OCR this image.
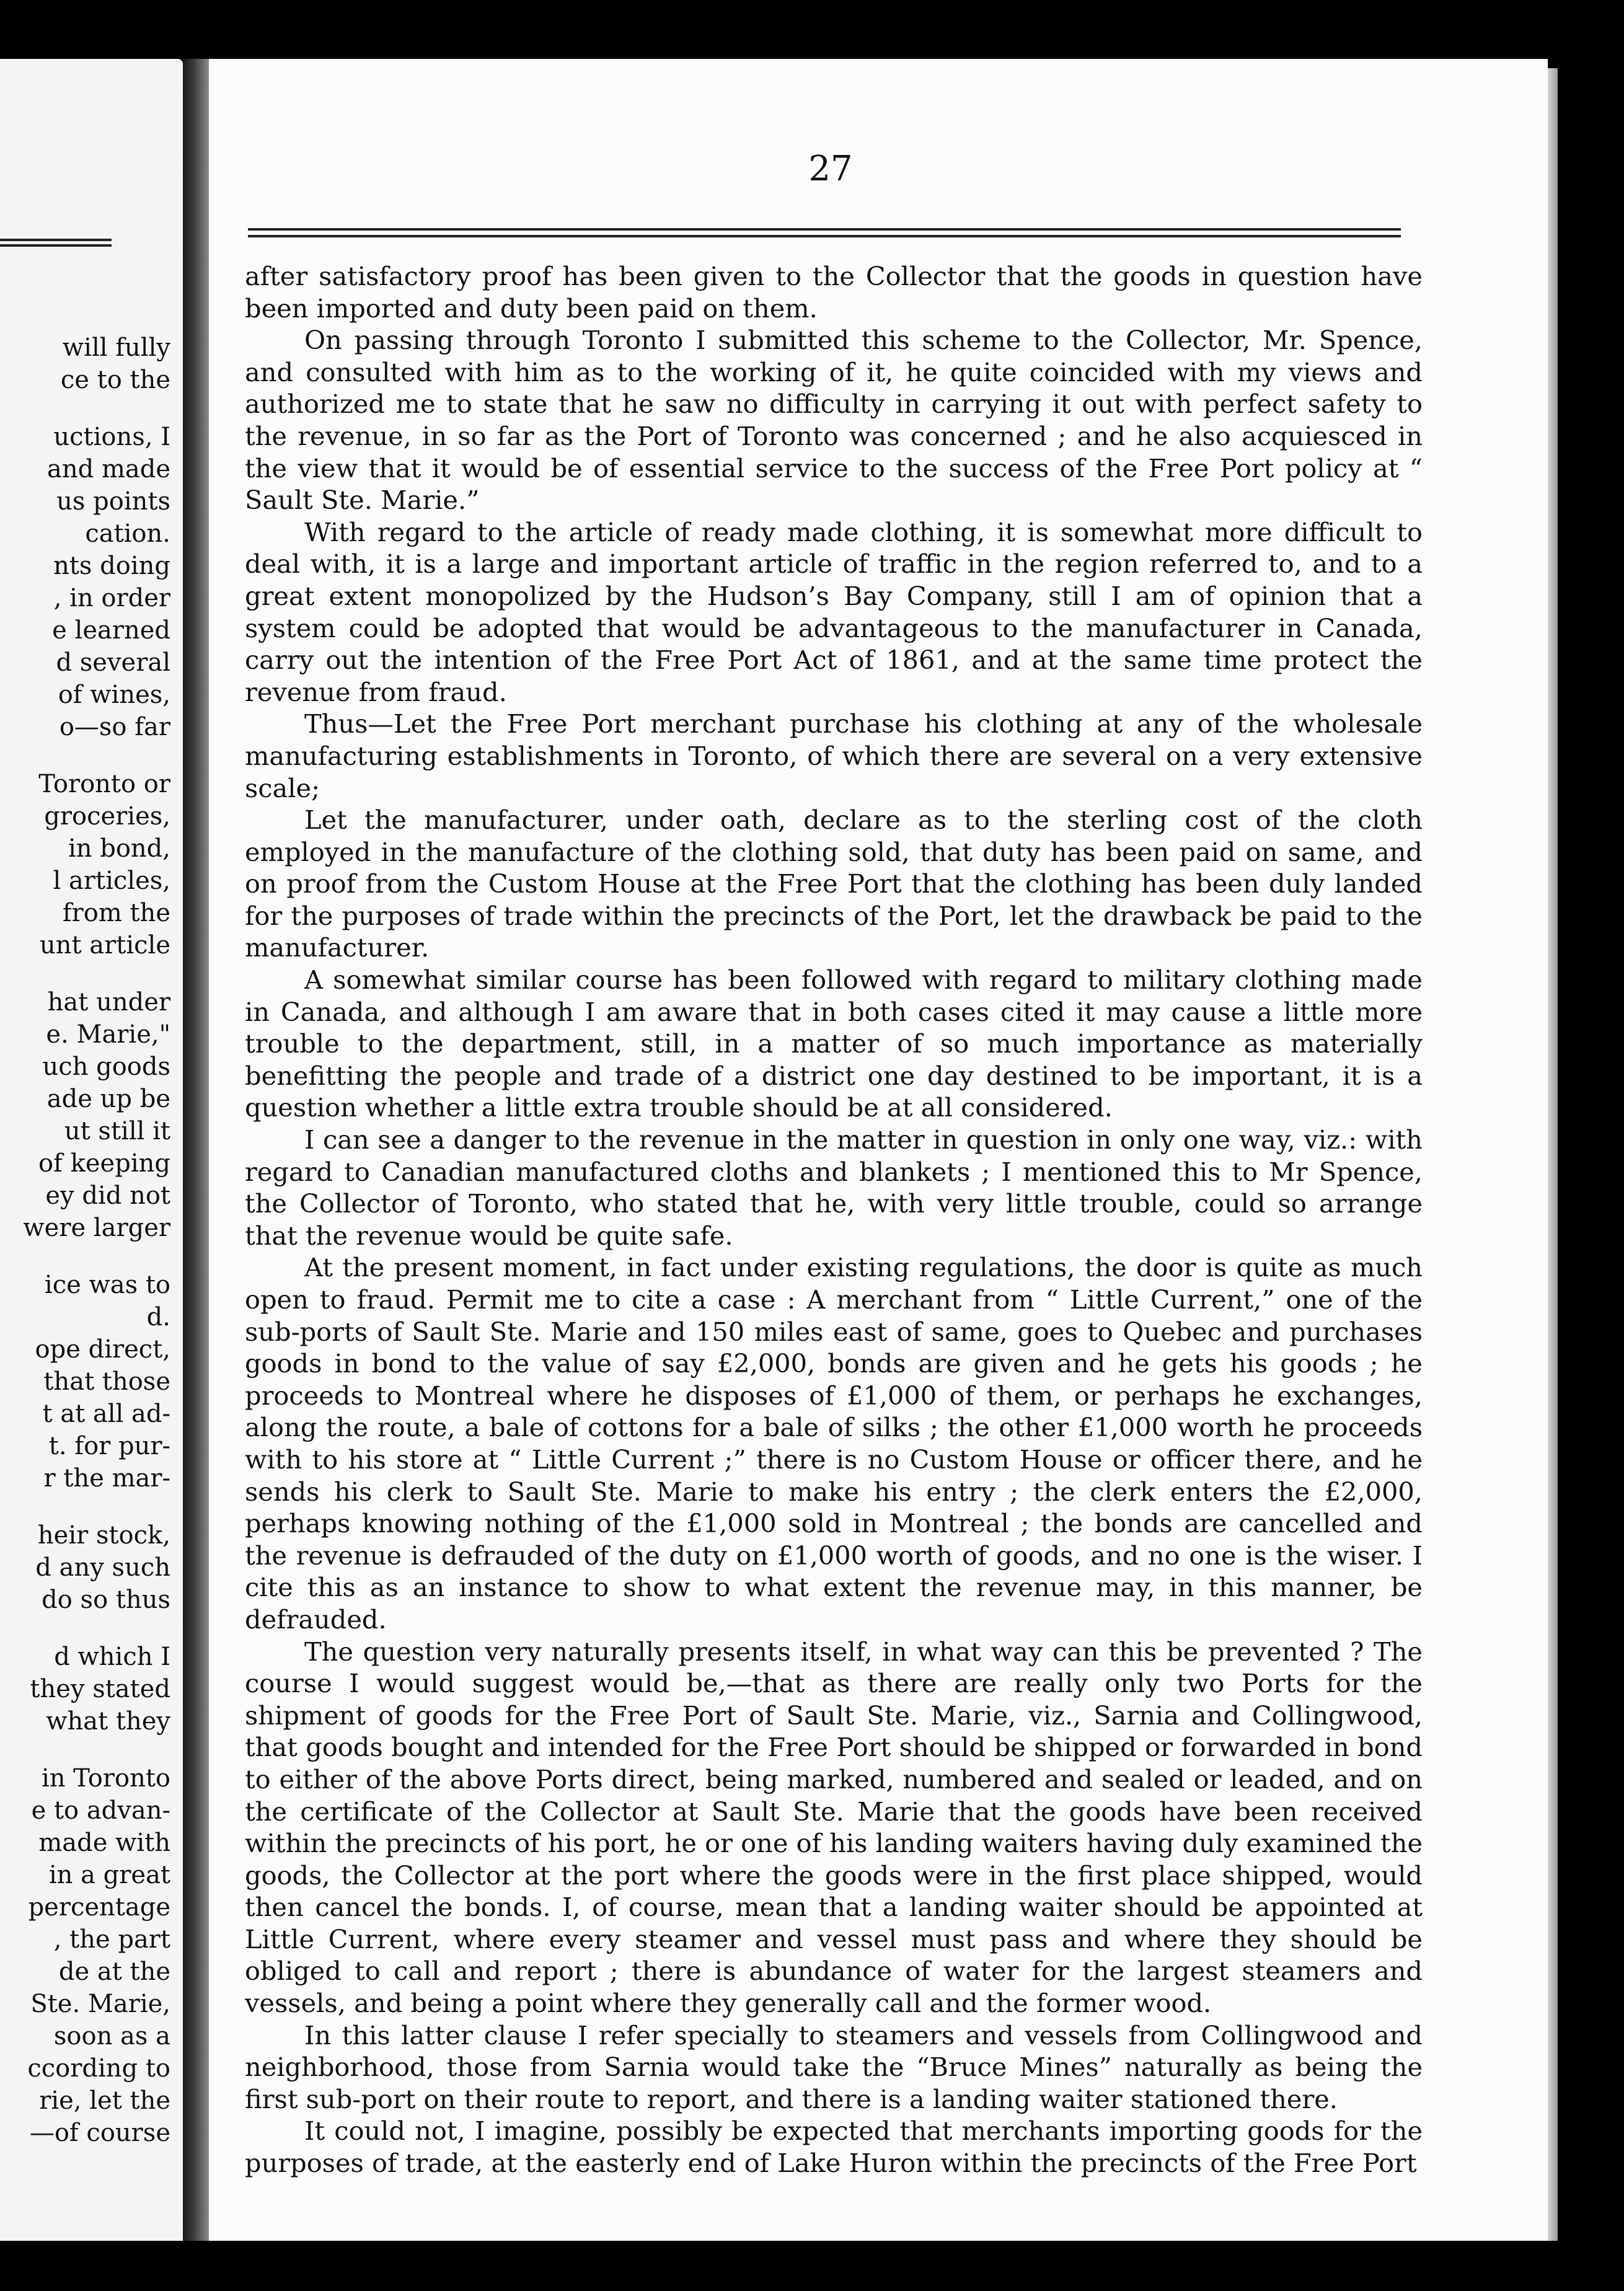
will fully
ce to the
uctions, I
and made
us points
cation.
nts doing
, in order
e learned
d several
of wines,
o—so far
Toronto or
groceries,
in bond,
l articles,
from the
unt article
hat under
e. Marie,"
uch goods
ade up be
ut still it
of keeping
ey did not
were larger
ice was to
d.
ope direct,
that those
t at all ad-
t. for pur-
r the mar-
heir stock,
d any such
do so thus
d which I
they stated
what they
in Toronto
e to advan-
made with
in a great
percentage
, the part
de at the
Ste. Marie,
soon as a
ccording to
rie, let the
—of course
27

after satisfactory proof has been given to the Collector that the goods in question have been imported and duty been paid on them.

On passing through Toronto I submitted this scheme to the Collector, Mr. Spence, and consulted with him as to the working of it, he quite coincided with my views and authorized me to state that he saw no difficulty in carrying it out with perfect safety to the revenue, in so far as the Port of Toronto was concerned ; and he also acquiesced in the view that it would be of essential service to the success of the Free Port policy at “ Sault Ste. Marie.”

With regard to the article of ready made clothing, it is somewhat more difficult to deal with, it is a large and important article of traffic in the region referred to, and to a great extent monopolized by the Hudson’s Bay Company, still I am of opinion that a system could be adopted that would be advantageous to the manufacturer in Canada, carry out the intention of the Free Port Act of 1861, and at the same time protect the revenue from fraud.

Thus—Let the Free Port merchant purchase his clothing at any of the wholesale manufacturing establishments in Toronto, of which there are several on a very extensive scale;

Let the manufacturer, under oath, declare as to the sterling cost of the cloth employed in the manufacture of the clothing sold, that duty has been paid on same, and on proof from the Custom House at the Free Port that the clothing has been duly landed for the purposes of trade within the precincts of the Port, let the drawback be paid to the manufacturer.

A somewhat similar course has been followed with regard to military clothing made in Canada, and although I am aware that in both cases cited it may cause a little more trouble to the department, still, in a matter of so much importance as materially benefitting the people and trade of a district one day destined to be important, it is a question whether a little extra trouble should be at all considered.

I can see a danger to the revenue in the matter in question in only one way, viz.: with regard to Canadian manufactured cloths and blankets ; I mentioned this to Mr Spence, the Collector of Toronto, who stated that he, with very little trouble, could so arrange that the revenue would be quite safe.

At the present moment, in fact under existing regulations, the door is quite as much open to fraud. Permit me to cite a case : A merchant from “ Little Current,” one of the sub-ports of Sault Ste. Marie and 150 miles east of same, goes to Quebec and purchases goods in bond to the value of say £2,000, bonds are given and he gets his goods ; he proceeds to Montreal where he disposes of £1,000 of them, or perhaps he exchanges, along the route, a bale of cottons for a bale of silks ; the other £1,000 worth he proceeds with to his store at “ Little Current ;” there is no Custom House or officer there, and he sends his clerk to Sault Ste. Marie to make his entry ; the clerk enters the £2,000, perhaps knowing nothing of the £1,000 sold in Montreal ; the bonds are cancelled and the revenue is defrauded of the duty on £1,000 worth of goods, and no one is the wiser. I cite this as an instance to show to what extent the revenue may, in this manner, be defrauded.

The question very naturally presents itself, in what way can this be prevented ? The course I would suggest would be,—that as there are really only two Ports for the shipment of goods for the Free Port of Sault Ste. Marie, viz., Sarnia and Collingwood, that goods bought and intended for the Free Port should be shipped or forwarded in bond to either of the above Ports direct, being marked, numbered and sealed or leaded, and on the certificate of the Collector at Sault Ste. Marie that the goods have been received within the precincts of his port, he or one of his landing waiters having duly examined the goods, the Collector at the port where the goods were in the first place shipped, would then cancel the bonds. I, of course, mean that a landing waiter should be appointed at Little Current, where every steamer and vessel must pass and where they should be obliged to call and report ; there is abundance of water for the largest steamers and vessels, and being a point where they generally call and the former wood.

In this latter clause I refer specially to steamers and vessels from Collingwood and neighborhood, those from Sarnia would take the “Bruce Mines” naturally as being the first sub-port on their route to report, and there is a landing waiter stationed there.

It could not, I imagine, possibly be expected that merchants importing goods for the purposes of trade, at the easterly end of Lake Huron within the precincts of the Free Port
